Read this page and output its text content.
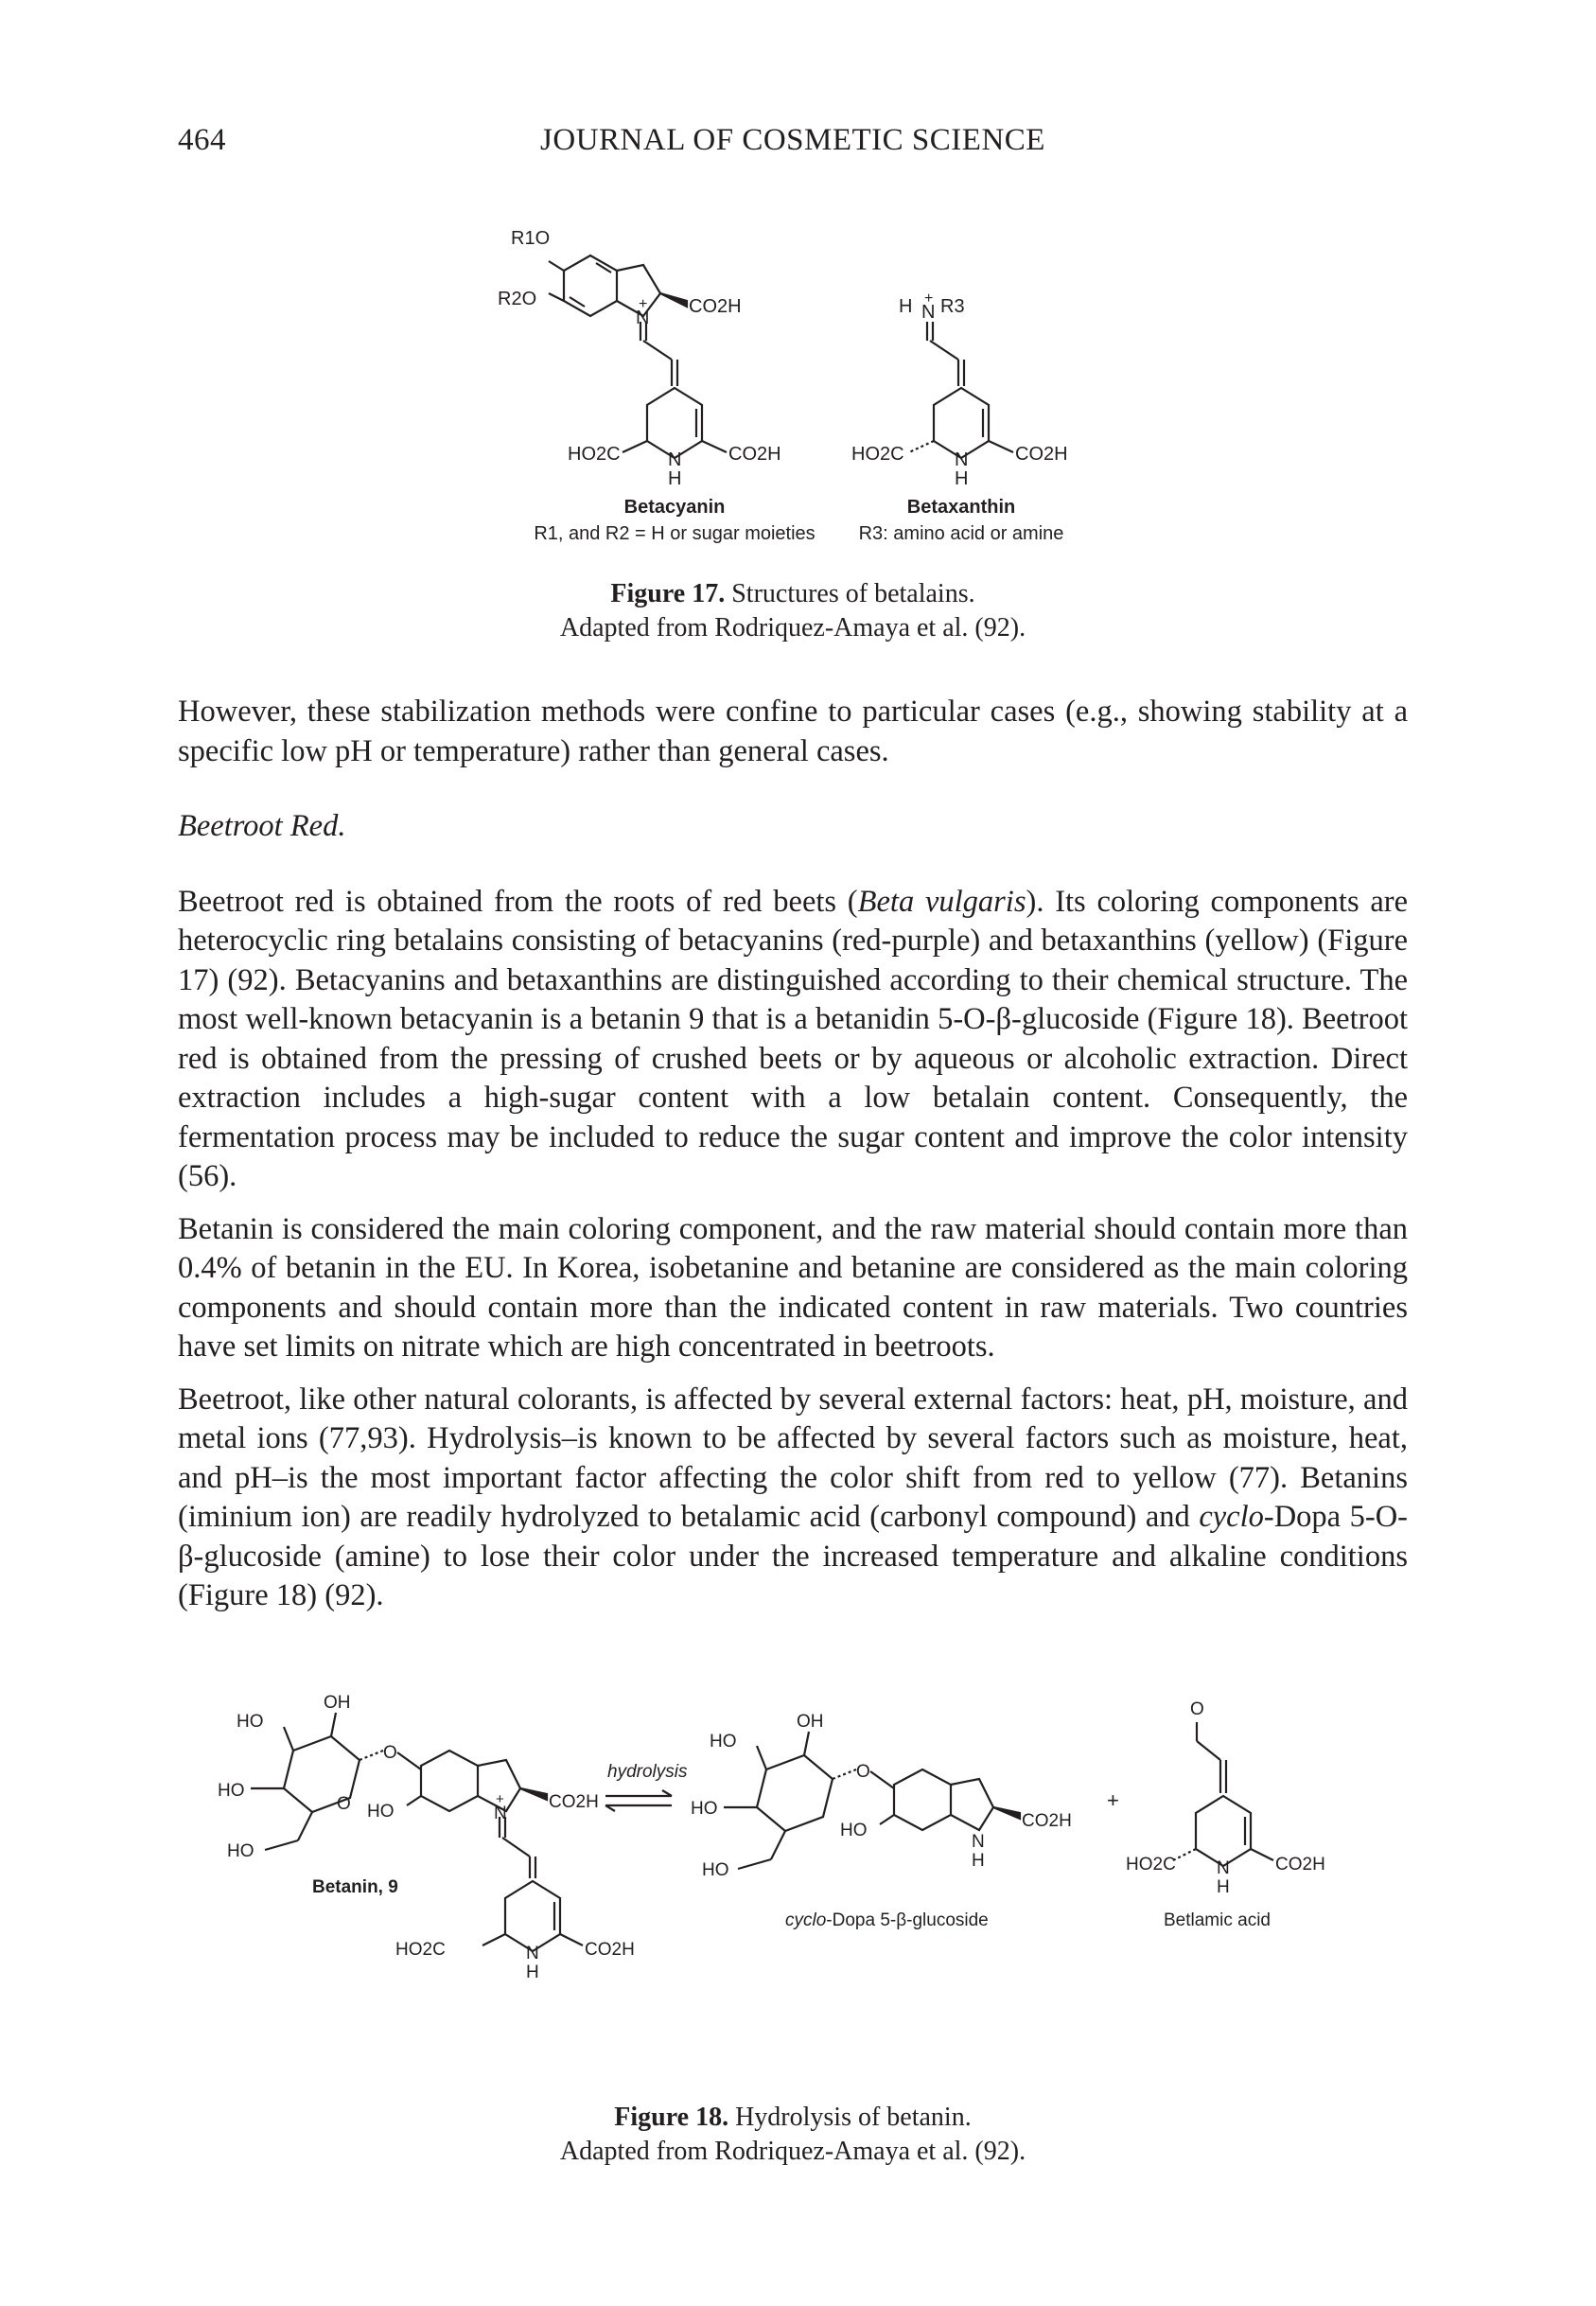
464	JOURNAL OF COSMETIC SCIENCE
R1O
R2O
N
+ CO2H
HO2C	N
H
CO2H
Betacyanin
R1, and R2 = H or sugar moieties
H N
+ R3
HO2C	N
H
CO2H
Betaxanthin
R3: amino acid or amine
Figure 17. Structures of betalains.
Adapted from Rodriquez-Amaya et al. (92).

However, these stabilization methods were confine to particular cases (e.g., showing stability at a specific low pH or temperature) rather than general cases.

Beetroot Red.

Beetroot red is obtained from the roots of red beets (Beta vulgaris). Its coloring components are heterocyclic ring betalains consisting of betacyanins (red-purple) and betaxanthins (yellow) (Figure 17) (92). Betacyanins and betaxanthins are distinguished according to their chemical structure. The most well-known betacyanin is a betanin 9 that is a betanidin 5-O-β-glucoside (Figure 18). Beetroot red is obtained from the pressing of crushed beets or by aqueous or alcoholic extraction. Direct extraction includes a high-sugar content with a low betalain content. Consequently, the fermentation process may be included to reduce the sugar content and improve the color intensity (56).

Betanin is considered the main coloring component, and the raw material should contain more than 0.4% of betanin in the EU. In Korea, isobetanine and betanine are considered as the main coloring components and should contain more than the indicated content in raw materials. Two countries have set limits on nitrate which are high concentrated in beetroots.

Beetroot, like other natural colorants, is affected by several external factors: heat, pH, moisture, and metal ions (77,93). Hydrolysis–is known to be affected by several factors such as moisture, heat, and pH–is the most important factor affecting the color shift from red to yellow (77). Betanins (iminium ion) are readily hydrolyzed to betalamic acid (carbonyl compound) and cyclo-Dopa 5-O-β-glucoside (amine) to lose their color under the increased temperature and alkaline conditions (Figure 18) (92).

HO
OH
HO
HO
O
O HO	N
+ CO2H
Betanin, 9
HO2C	N
H
CO2H
hydrolysis
HO
OH
HO
HO
O
HO
N
H
CO2H
cyclo-Dopa 5-β-glucoside
+
O
HO2C N
H
CO2H
Betlamic acid
Figure 18. Hydrolysis of betanin.
Adapted from Rodriquez-Amaya et al. (92).
